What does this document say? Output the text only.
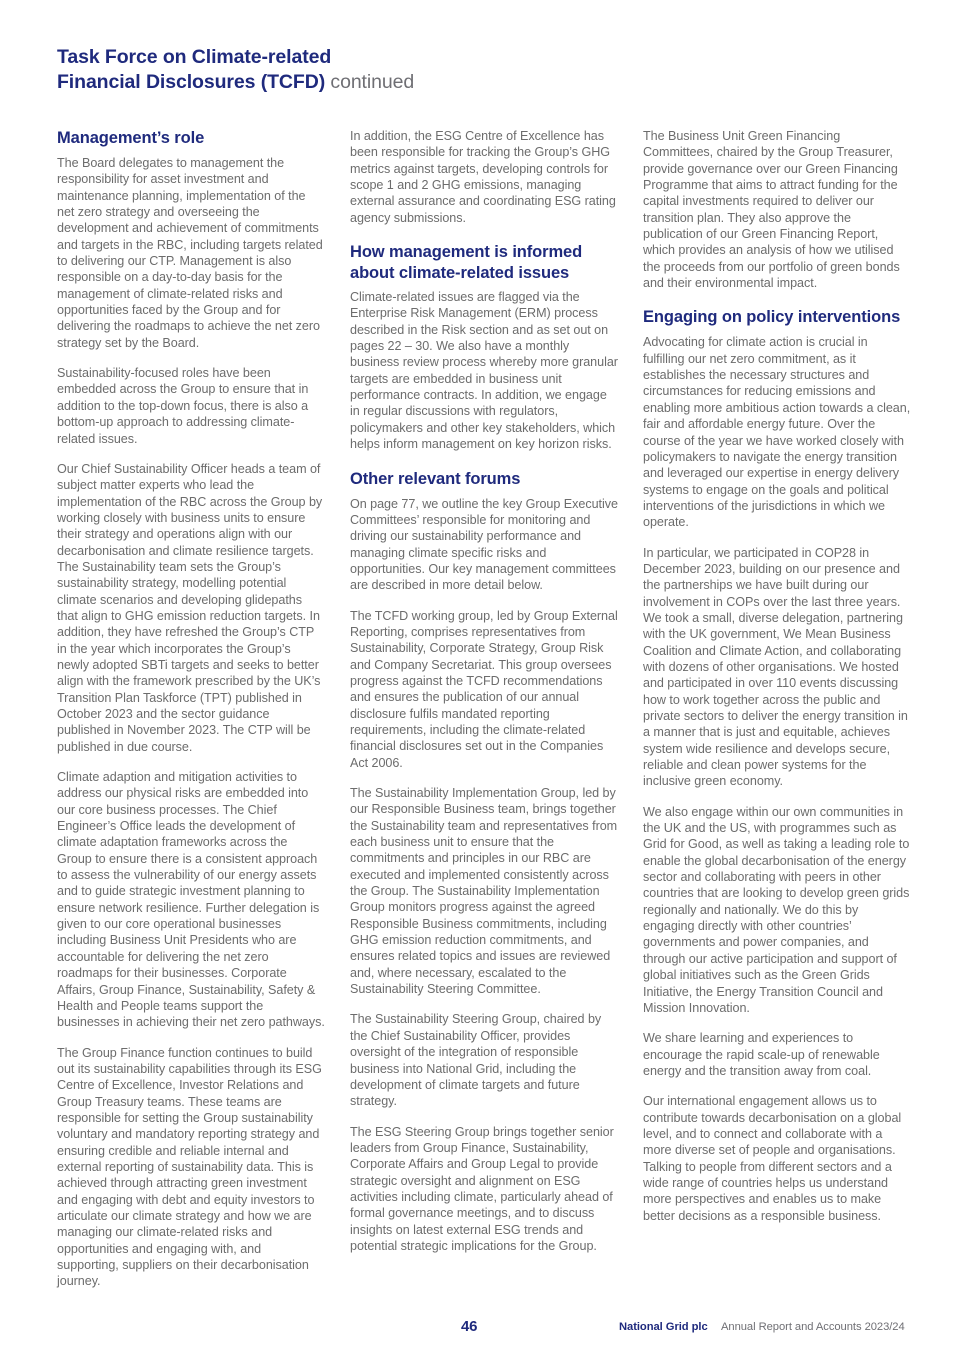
Task Force on Climate-related
Financial Disclosures (TCFD) continued
Management’s role

The Board delegates to management the responsibility for asset investment and maintenance planning, implementation of the net zero strategy and overseeing the development and achievement of commitments and targets in the RBC, including targets related to delivering our CTP. Management is also responsible on a day-to-day basis for the management of climate-related risks and opportunities faced by the Group and for delivering the roadmaps to achieve the net zero strategy set by the Board.

Sustainability-focused roles have been embedded across the Group to ensure that in addition to the top-down focus, there is also a bottom-up approach to addressing climate-related issues.

Our Chief Sustainability Officer heads a team of subject matter experts who lead the implementation of the RBC across the Group by working closely with business units to ensure their strategy and operations align with our decarbonisation and climate resilience targets. The Sustainability team sets the Group’s sustainability strategy, modelling potential climate scenarios and developing glidepaths that align to GHG emission reduction targets. In addition, they have refreshed the Group’s CTP in the year which incorporates the Group’s newly adopted SBTi targets and seeks to better align with the framework prescribed by the UK’s Transition Plan Taskforce (TPT) published in October 2023 and the sector guidance published in November 2023. The CTP will be published in due course.

Climate adaption and mitigation activities to address our physical risks are embedded into our core business processes. The Chief Engineer’s Office leads the development of climate adaptation frameworks across the Group to ensure there is a consistent approach to assess the vulnerability of our energy assets and to guide strategic investment planning to ensure network resilience. Further delegation is given to our core operational businesses including Business Unit Presidents who are accountable for delivering the net zero roadmaps for their businesses. Corporate Affairs, Group Finance, Sustainability, Safety & Health and People teams support the businesses in achieving their net zero pathways.

The Group Finance function continues to build out its sustainability capabilities through its ESG Centre of Excellence, Investor Relations and Group Treasury teams. These teams are responsible for setting the Group sustainability voluntary and mandatory reporting strategy and ensuring credible and reliable internal and external reporting of sustainability data. This is achieved through attracting green investment and engaging with debt and equity investors to articulate our climate strategy and how we are managing our climate-related risks and opportunities and engaging with, and supporting, suppliers on their decarbonisation journey.

In addition, the ESG Centre of Excellence has been responsible for tracking the Group’s GHG metrics against targets, developing controls for scope 1 and 2 GHG emissions, managing external assurance and coordinating ESG rating agency submissions.

How management is informed
about climate-related issues

Climate-related issues are flagged via the Enterprise Risk Management (ERM) process described in the Risk section and as set out on pages 22 – 30. We also have a monthly business review process whereby more granular targets are embedded in business unit performance contracts. In addition, we engage in regular discussions with regulators, policymakers and other key stakeholders, which helps inform management on key horizon risks.

Other relevant forums

On page 77, we outline the key Group Executive Committees’ responsible for monitoring and driving our sustainability performance and managing climate specific risks and opportunities. Our key management committees are described in more detail below.

The TCFD working group, led by Group External Reporting, comprises representatives from Sustainability, Corporate Strategy, Group Risk and Company Secretariat. This group oversees progress against the TCFD recommendations and ensures the publication of our annual disclosure fulfils mandated reporting requirements, including the climate-related financial disclosures set out in the Companies Act 2006.

The Sustainability Implementation Group, led by our Responsible Business team, brings together the Sustainability team and representatives from each business unit to ensure that the commitments and principles in our RBC are executed and implemented consistently across the Group. The Sustainability Implementation Group monitors progress against the agreed Responsible Business commitments, including GHG emission reduction commitments, and ensures related topics and issues are reviewed and, where necessary, escalated to the Sustainability Steering Committee.

The Sustainability Steering Group, chaired by the Chief Sustainability Officer, provides oversight of the integration of responsible business into National Grid, including the development of climate targets and future strategy.

The ESG Steering Group brings together senior leaders from Group Finance, Sustainability, Corporate Affairs and Group Legal to provide strategic oversight and alignment on ESG activities including climate, particularly ahead of formal governance meetings, and to discuss insights on latest external ESG trends and potential strategic implications for the Group.

The Business Unit Green Financing Committees, chaired by the Group Treasurer, provide governance over our Green Financing Programme that aims to attract funding for the capital investments required to deliver our transition plan. They also approve the publication of our Green Financing Report, which provides an analysis of how we utilised the proceeds from our portfolio of green bonds and their environmental impact.

Engaging on policy interventions

Advocating for climate action is crucial in fulfilling our net zero commitment, as it establishes the necessary structures and circumstances for reducing emissions and enabling more ambitious action towards a clean, fair and affordable energy future. Over the course of the year we have worked closely with policymakers to navigate the energy transition and leveraged our expertise in energy delivery systems to engage on the goals and political interventions of the jurisdictions in which we operate.

In particular, we participated in COP28 in December 2023, building on our presence and the partnerships we have built during our involvement in COPs over the last three years. We took a small, diverse delegation, partnering with the UK government, We Mean Business Coalition and Climate Action, and collaborating with dozens of other organisations. We hosted and participated in over 110 events discussing how to work together across the public and private sectors to deliver the energy transition in a manner that is just and equitable, achieves system wide resilience and develops secure, reliable and clean power systems for the inclusive green economy.

We also engage within our own communities in the UK and the US, with programmes such as Grid for Good, as well as taking a leading role to enable the global decarbonisation of the energy sector and collaborating with peers in other countries that are looking to develop green grids regionally and nationally. We do this by engaging directly with other countries’ governments and power companies, and through our active participation and support of global initiatives such as the Green Grids Initiative, the Energy Transition Council and Mission Innovation.

We share learning and experiences to encourage the rapid scale-up of renewable energy and the transition away from coal.

Our international engagement allows us to contribute towards decarbonisation on a global level, and to connect and collaborate with a more diverse set of people and organisations. Talking to people from different sectors and a wide range of countries helps us understand more perspectives and enables us to make better decisions as a responsible business.

46	National Grid plc Annual Report and Accounts 2023/24
